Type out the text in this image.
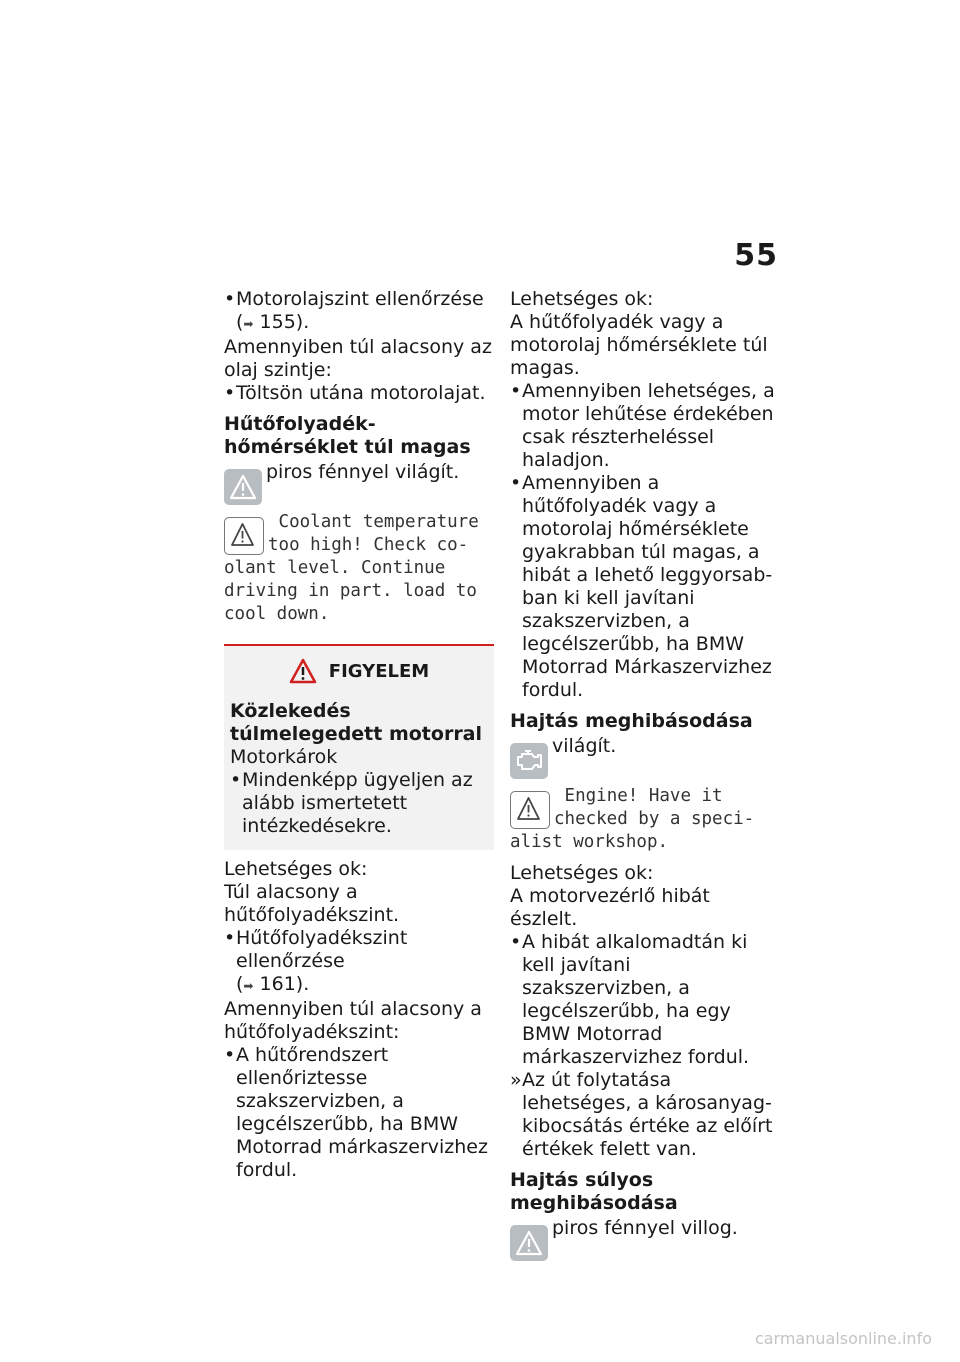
55

• Motorolajszint ellenőrzése
(➡ 155).

Amennyiben túl alacsony az olaj szintje:

• Töltsön utána motorolajat.

Hűtőfolyadék-hőmérséklet túl magas

piros fénnyel világít.
Coolant temperature
too high! Check co-
olant level. Continue
driving in part. load to
cool down.
FIGYELEM

Közlekedés túlmelegedett motorral

Motorkárok

• Mindenképp ügyeljen az alább ismertetett intézkedésekre.

Lehetséges ok:

Túl alacsony a hűtőfolyadékszint.

• Hűtőfolyadékszint ellenőrzése
(➡ 161).

Amennyiben túl alacsony a hűtőfolyadékszint:

• A hűtőrendszert ellenőriztesse szakszervizben, a legcélszerűbb, ha BMW Motorrad márkaszervizhez fordul.

Lehetséges ok:

A hűtőfolyadék vagy a motorolaj hőmérséklete túl magas.

• Amennyiben lehetséges, a motor lehűtése érdekében csak részterheléssel haladjon.

• Amennyiben a hűtőfolyadék vagy a motorolaj hőmérséklete gyakrabban túl magas, a hibát a lehető leggyorsabban ki kell javítani szakszervizben, a legcélszerűbb, ha BMW Motorrad Márkaszervizhez fordul.

Hajtás meghibásodása

világít.
Engine! Have it
checked by a speci-
alist workshop.

Lehetséges ok:

A motorvezérlő hibát észlelt.

• A hibát alkalomadtán ki kell javítani szakszervizben, a legcélszerűbb, ha egy BMW Motorrad márkaszervizhez fordul.

» Az út folytatása lehetséges, a károsanyag-kibocsátás értéke az előírt értékek felett van.

Hajtás súlyos meghibásodása

piros fénnyel villog.
carmanualsonline.info
